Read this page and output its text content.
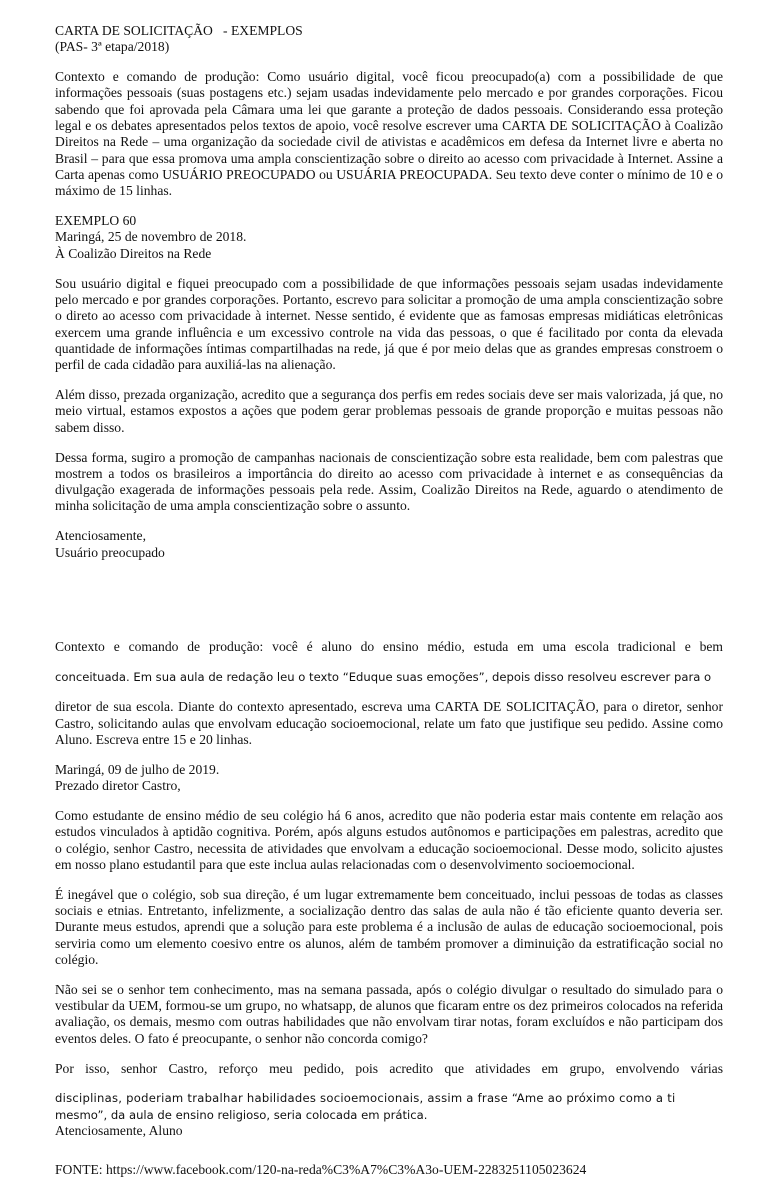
CARTA DE SOLICITAÇÃO   - EXEMPLOS

(PAS- 3ª etapa/2018)

Contexto e comando de produção: Como usuário digital, você ficou preocupado(a) com a possibilidade de que informações pessoais (suas postagens etc.) sejam usadas indevidamente pelo mercado e por grandes corporações. Ficou sabendo que foi aprovada pela Câmara uma lei que garante a proteção de dados pessoais. Considerando essa proteção legal e os debates apresentados pelos textos de apoio, você resolve escrever uma CARTA DE SOLICITAÇÃO à Coalizão Direitos na Rede – uma organização da sociedade civil de ativistas e acadêmicos em defesa da Internet livre e aberta no Brasil – para que essa promova uma ampla conscientização sobre o direito ao acesso com privacidade à Internet. Assine a Carta apenas como USUÁRIO PREOCUPADO ou USUÁRIA PREOCUPADA. Seu texto deve conter o mínimo de 10 e o máximo de 15 linhas.

EXEMPLO 60

Maringá, 25 de novembro de 2018.

À Coalizão Direitos na Rede

Sou usuário digital e fiquei preocupado com a possibilidade de que informações pessoais sejam usadas indevidamente pelo mercado e por grandes corporações. Portanto, escrevo para solicitar a promoção de uma ampla conscientização sobre o direto ao acesso com privacidade à internet. Nesse sentido, é evidente que as famosas empresas midiáticas eletrônicas exercem uma grande influência e um excessivo controle na vida das pessoas, o que é facilitado por conta da elevada quantidade de informações íntimas compartilhadas na rede, já que é por meio delas que as grandes empresas constroem o perfil de cada cidadão para auxiliá-las na alienação.

Além disso, prezada organização, acredito que a segurança dos perfis em redes sociais deve ser mais valorizada, já que, no meio virtual, estamos expostos a ações que podem gerar problemas pessoais de grande proporção e muitas pessoas não sabem disso.

Dessa forma, sugiro a promoção de campanhas nacionais de conscientização sobre esta realidade, bem com palestras que mostrem a todos os brasileiros a importância do direito ao acesso com privacidade à internet e as consequências da divulgação exagerada de informações pessoais pela rede. Assim, Coalizão Direitos na Rede, aguardo o atendimento de minha solicitação de uma ampla conscientização sobre o assunto.

Atenciosamente,

Usuário preocupado

Contexto e comando de produção: você é aluno do ensino médio, estuda em uma escola tradicional e bem

conceituada. Em sua aula de redação leu o texto “Eduque suas emoções”, depois disso resolveu escrever para o

diretor de sua escola. Diante do contexto apresentado, escreva uma CARTA DE SOLICITAÇÃO, para o diretor, senhor Castro, solicitando aulas que envolvam educação socioemocional, relate um fato que justifique seu pedido. Assine como Aluno. Escreva entre 15 e 20 linhas.

Maringá, 09 de julho de 2019.

Prezado diretor Castro,

Como estudante de ensino médio de seu colégio há 6 anos, acredito que não poderia estar mais contente em relação aos estudos vinculados à aptidão cognitiva. Porém, após alguns estudos autônomos e participações em palestras, acredito que o colégio, senhor Castro, necessita de atividades que envolvam a educação socioemocional. Desse modo, solicito ajustes em nosso plano estudantil para que este inclua aulas relacionadas com o desenvolvimento socioemocional.

É inegável que o colégio, sob sua direção, é um lugar extremamente bem conceituado, inclui pessoas de todas as classes sociais e etnias. Entretanto, infelizmente, a socialização dentro das salas de aula não é tão eficiente quanto deveria ser. Durante meus estudos, aprendi que a solução para este problema é a inclusão de aulas de educação socioemocional, pois serviria como um elemento coesivo entre os alunos, além de também promover a diminuição da estratificação social no colégio.

Não sei se o senhor tem conhecimento, mas na semana passada, após o colégio divulgar o resultado do simulado para o vestibular da UEM, formou-se um grupo, no whatsapp, de alunos que ficaram entre os dez primeiros colocados na referida avaliação, os demais, mesmo com outras habilidades que não envolvam tirar notas, foram excluídos e não participam dos eventos deles. O fato é preocupante, o senhor não concorda comigo?

Por isso, senhor Castro, reforço meu pedido, pois acredito que atividades em grupo, envolvendo várias

disciplinas, poderiam trabalhar habilidades socioemocionais, assim a frase “Ame ao próximo como a ti

mesmo”, da aula de ensino religioso, seria colocada em prática.

Atenciosamente, Aluno

FONTE: https://www.facebook.com/120-na-reda%C3%A7%C3%A3o-UEM-2283251105023624
